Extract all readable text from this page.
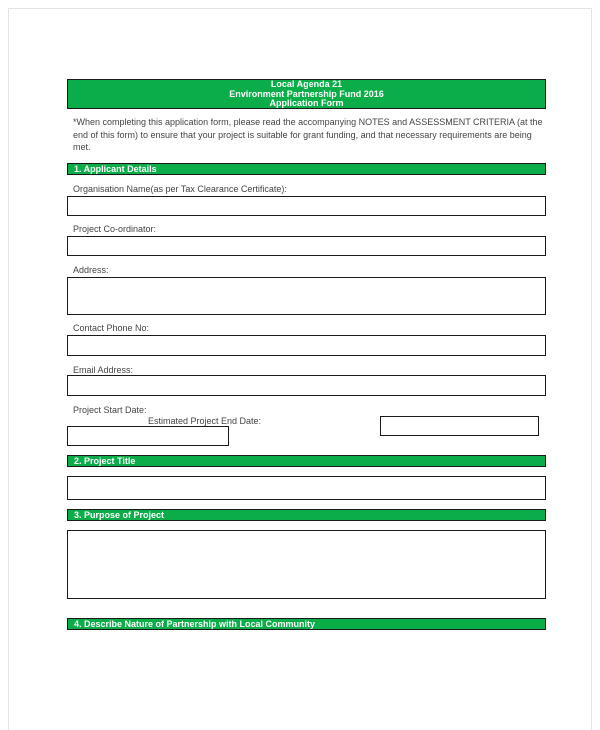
Local Agenda 21
Environment Partnership Fund 2016
Application Form
*When completing this application form, please read the accompanying NOTES and ASSESSMENT CRITERIA (at the end of this form) to ensure that your project is suitable for grant funding, and that necessary requirements are being met.
1. Applicant Details
Organisation Name(as per Tax Clearance Certificate):
Project Co-ordinator:
Address:
Contact Phone No:
Email Address:
Project Start Date:
Estimated Project End Date:
2. Project Title
3. Purpose of Project
4. Describe Nature of Partnership with Local Community
